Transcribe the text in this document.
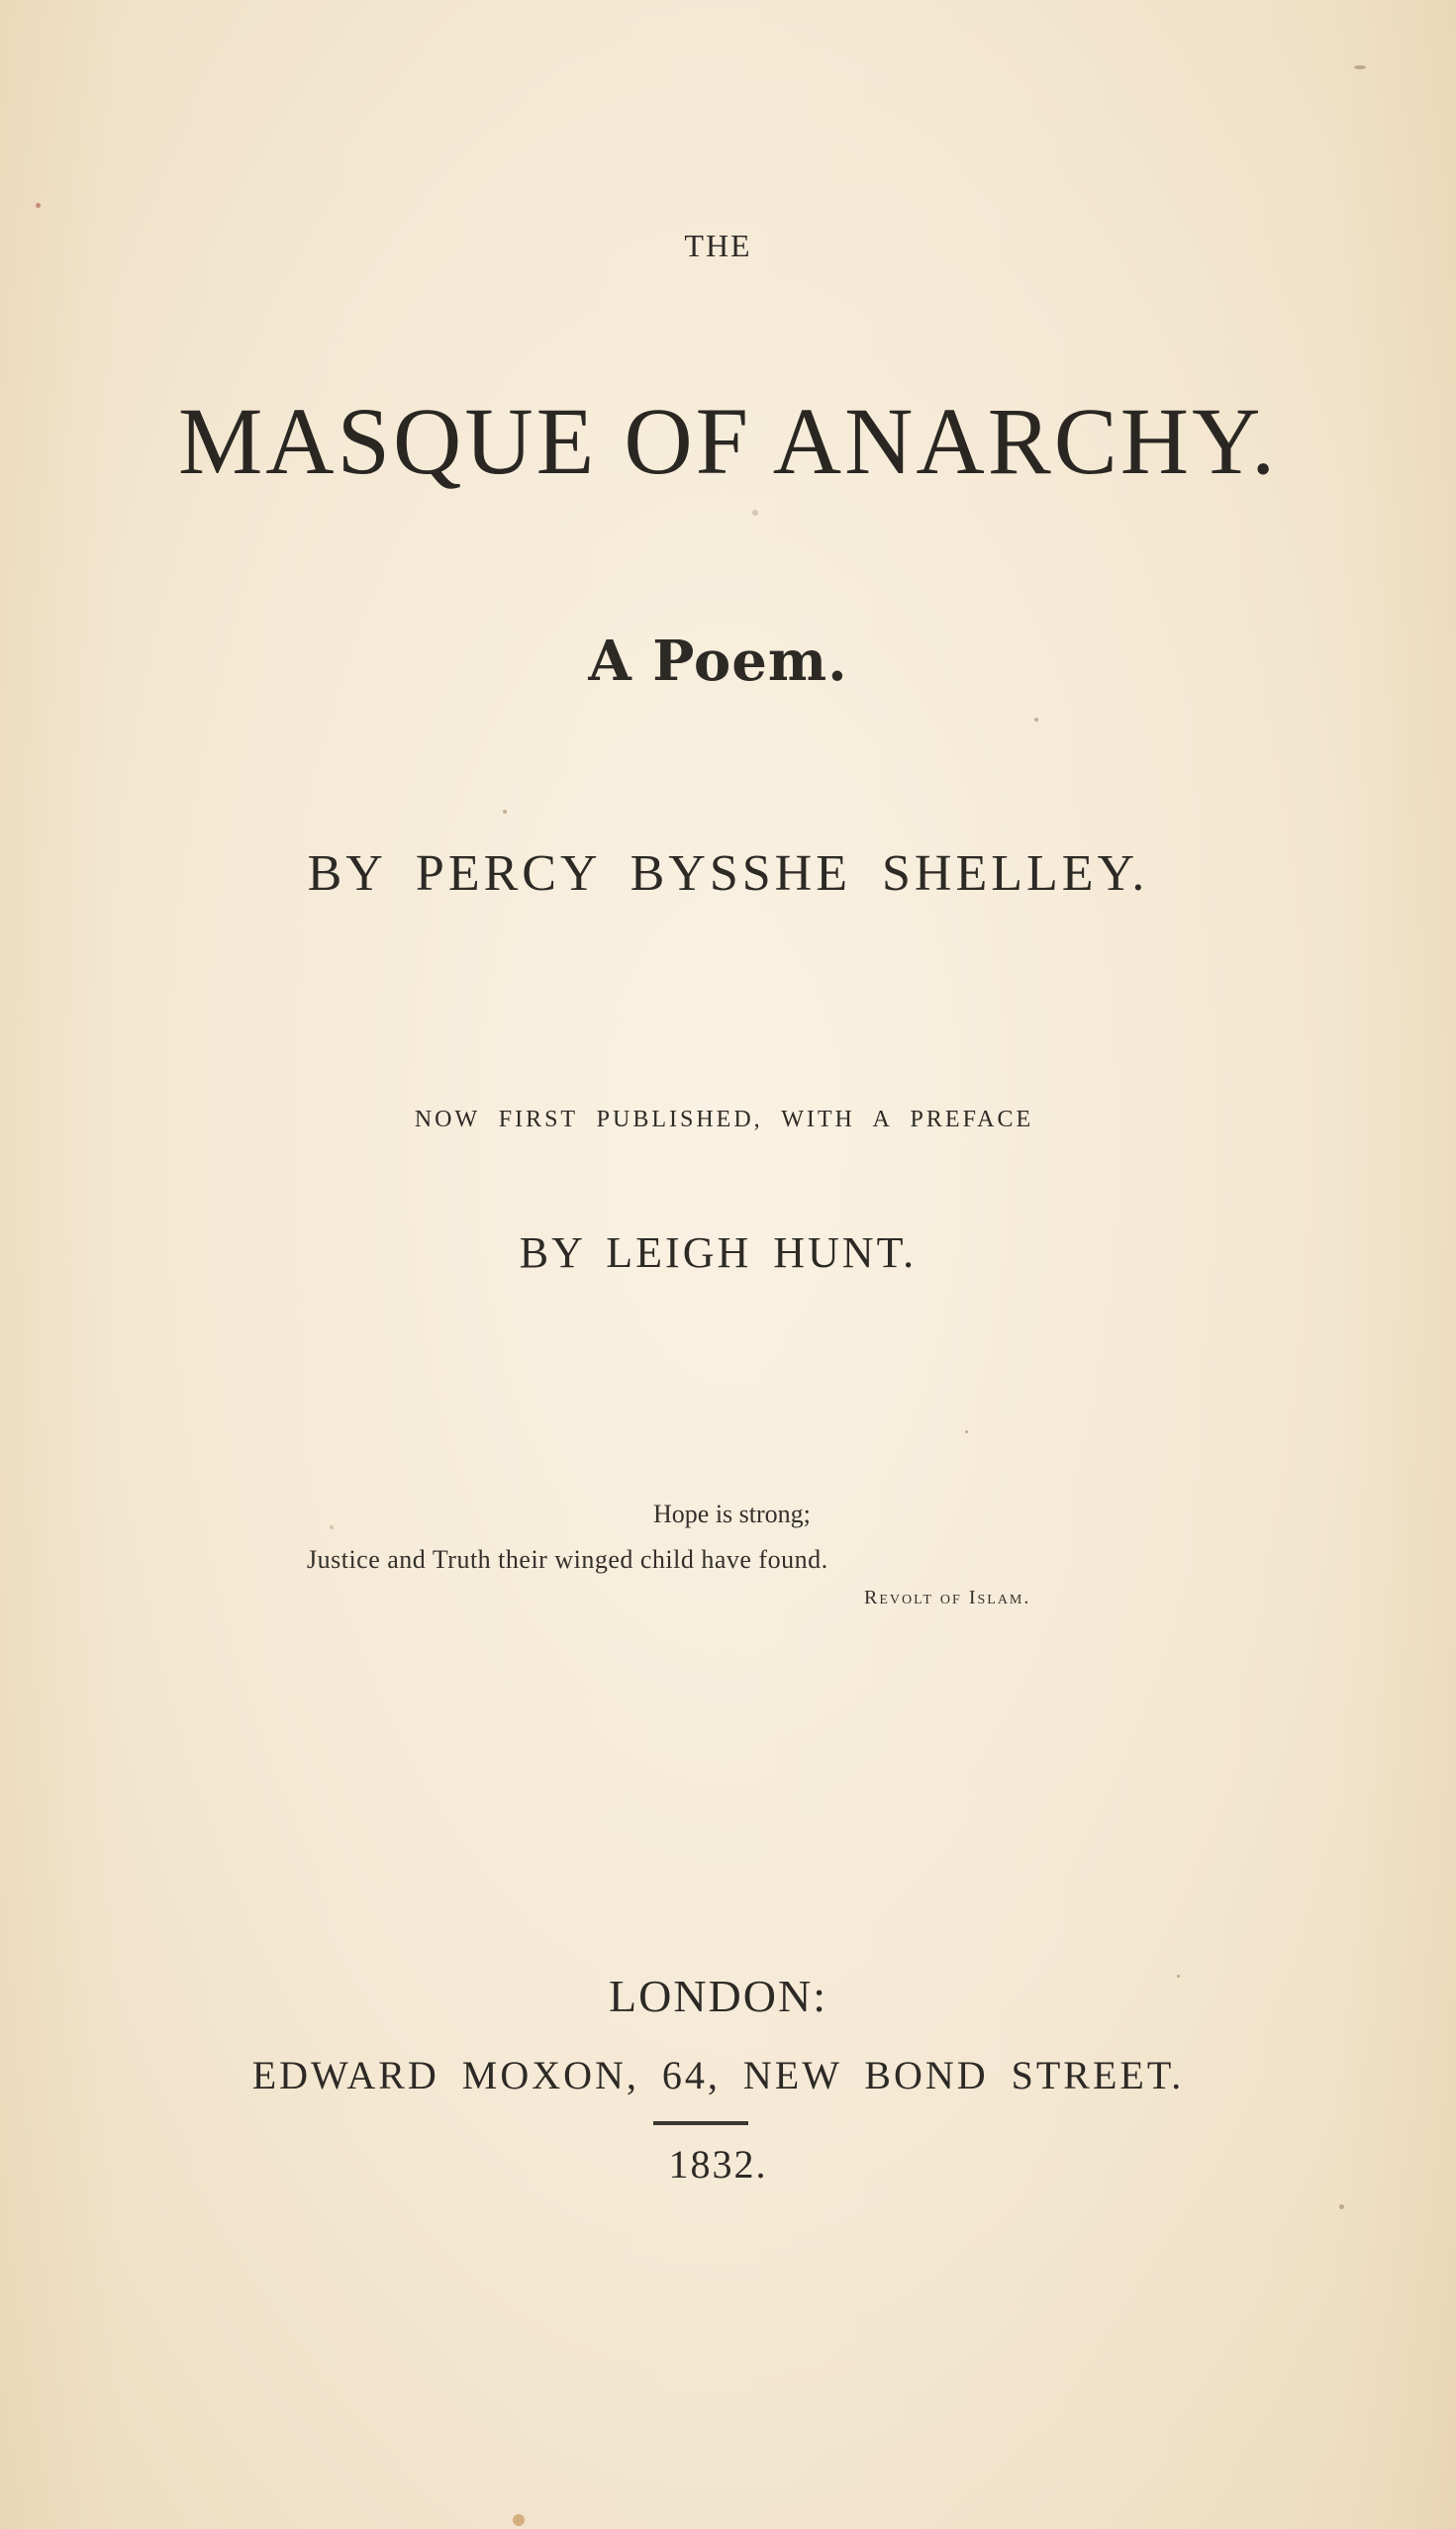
THE

MASQUE OF ANARCHY.

A Poem.

BY PERCY BYSSHE SHELLEY.

NOW FIRST PUBLISHED, WITH A PREFACE

BY LEIGH HUNT.

Hope is strong;
Justice and Truth their winged child have found.
Revolt of Islam.

LONDON:

EDWARD MOXON, 64, NEW BOND STREET.

1832.
